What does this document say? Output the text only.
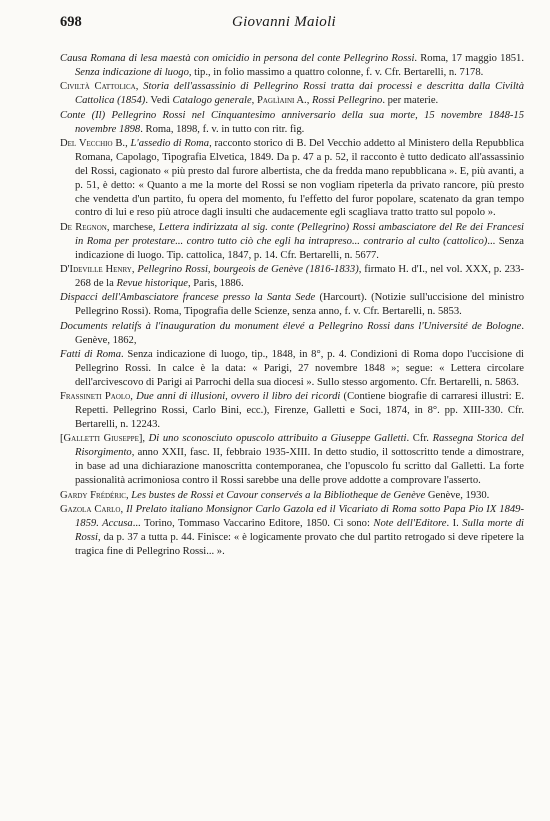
698	Giovanni Maioli

Causa Romana di lesa maestà con omicidio in persona del conte Pellegrino Rossi. Roma, 17 maggio 1851. Senza indicazione di luogo, tip., in folio massimo a quattro colonne, f. v. Cfr. Bertarelli, n. 7178.

Civiltà Cattolica, Storia dell'assassinio di Pellegrino Rossi tratta dai processi e descritta dalla Civiltà Cattolica (1854). Vedi Catalogo generale, Paglìaini A., Rossi Pellegrino. per materie.

Conte (Il) Pellegrino Rossi nel Cinquantesimo anniversario della sua morte, 15 novembre 1848-15 novembre 1898. Roma, 1898, f. v. in tutto con ritr. fig.

Del Vecchio B., L'assedio di Roma, racconto storico di B. Del Vecchio addetto al Ministero della Repubblica Romana, Capolago, Tipografia Elvetica, 1849. Da p. 47 a p. 52, il racconto è tutto dedicato all'assassinio del Rossi, cagionato « più presto dal furore albertista, che da fredda mano repubblicana ». E, più avanti, a p. 51, è detto: « Quanto a me la morte del Rossi se non vogliam ripeterla da privato rancore, più presto che vendetta d'un partito, fu opera del momento, fu l'effetto del furor popolare, scatenato da gran tempo contro di lui e reso più atroce dagli insulti che audacemente egli scagliava tratto tratto sul popolo ».

De Regnon, marchese, Lettera indirizzata al sig. conte (Pellegrino) Rossi ambasciatore del Re dei Francesi in Roma per protestare... contro tutto ciò che egli ha intrapreso... contrario al culto (cattolico)... Senza indicazione di luogo. Tip. cattolica, 1847, p. 14. Cfr. Bertarelli, n. 5677.

D'Ideville Henry, Pellegrino Rossi, bourgeois de Genève (1816-1833), firmato H. d'I., nel vol. XXX, p. 233-268 de la Revue historique, Paris, 1886.

Dispacci dell'Ambasciatore francese presso la Santa Sede (Harcourt). (Notizie sull'uccisione del ministro Pellegrino Rossi). Roma, Tipografia delle Scienze, senza anno, f. v. Cfr. Bertarelli, n. 5853.

Documents relatifs à l'inauguration du monument élevé a Pellegrino Rossi dans l'Université de Bologne. Genève, 1862,

Fatti di Roma. Senza indicazione di luogo, tip., 1848, in 8°, p. 4. Condizioni di Roma dopo l'uccisione di Pellegrino Rossi. In calce è la data: « Parigi, 27 novembre 1848 »; segue: « Lettera circolare dell'arcivescovo di Parigi ai Parrochi della sua diocesi ». Sullo stesso argomento. Cfr. Bertarelli, n. 5863.

Frassineti Paolo, Due anni di illusioni, ovvero il libro dei ricordi (Contiene biografie di carraresi illustri: E. Repetti. Pellegrino Rossi, Carlo Bini, ecc.), Firenze, Galletti e Soci, 1874, in 8°. pp. XIII-330. Cfr. Bertarelli, n. 12243.

[Galletti Giuseppe], Di uno sconosciuto opuscolo attribuito a Giuseppe Galletti. Cfr. Rassegna Storica del Risorgimento, anno XXII, fasc. II, febbraio 1935-XIII. In detto studio, il sottoscritto tende a dimostrare, in base ad una dichiarazione manoscritta contemporanea, che l'opuscolo fu scritto dal Galletti. La forte passionalità acrimoniosa contro il Rossi sarebbe una delle prove addotte a comprovare l'asserto.

Gardy Frédéric, Les bustes de Rossi et Cavour conservés a la Bibliotheque de Genève Genève, 1930.

Gazola Carlo, Il Prelato italiano Monsignor Carlo Gazola ed il Vicariato di Roma sotto Papa Pio IX 1849-1859. Accusa... Torino, Tommaso Vaccarino Editore, 1850. Ci sono: Note dell'Editore. I. Sulla morte di Rossi, da p. 37 a tutta p. 44. Finisce: « è logicamente provato che dul partito retrogado si deve ripetere la tragica fine di Pellegrino Rossi... ».
